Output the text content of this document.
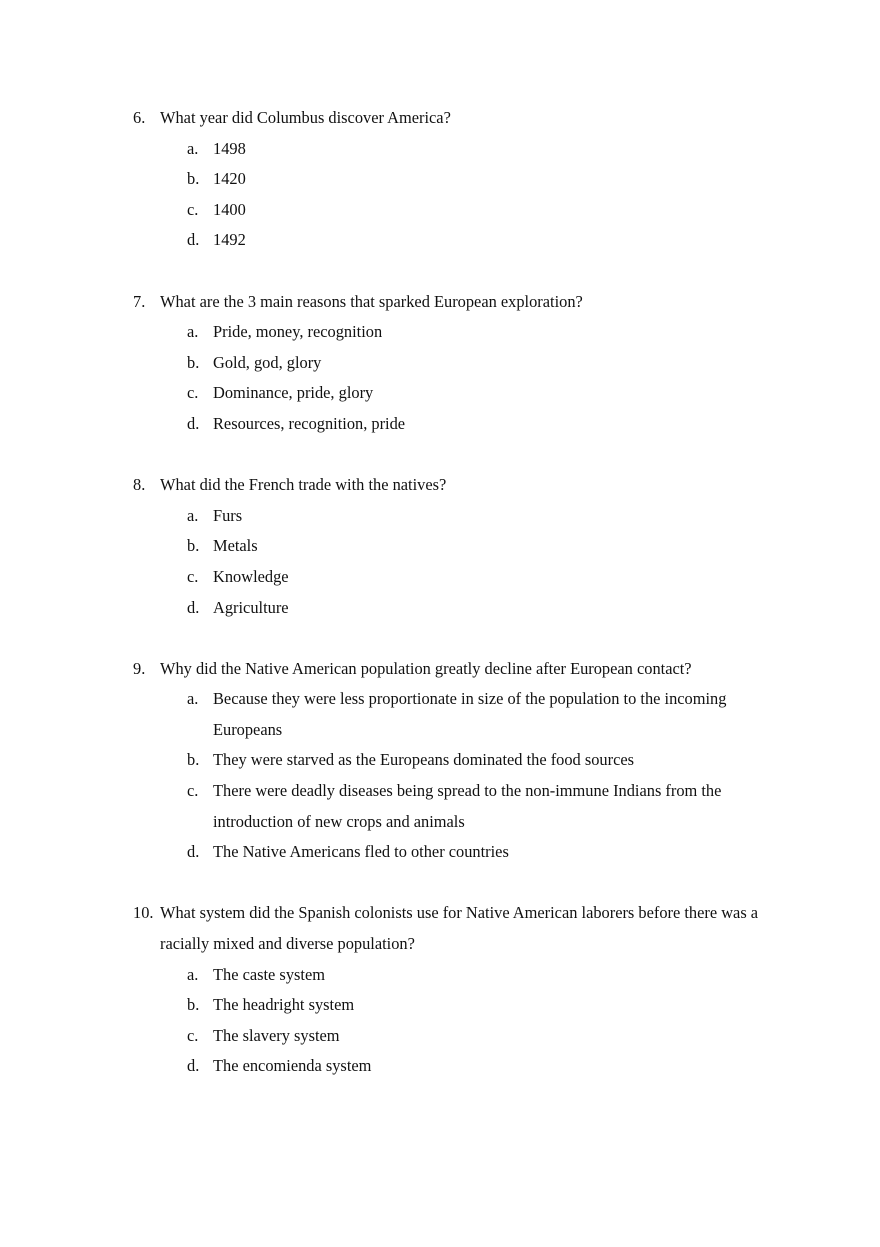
6. What year did Columbus discover America?
a. 1498
b. 1420
c. 1400
d. 1492
7. What are the 3 main reasons that sparked European exploration?
a. Pride, money, recognition
b. Gold, god, glory
c. Dominance, pride, glory
d. Resources, recognition, pride
8. What did the French trade with the natives?
a. Furs
b. Metals
c. Knowledge
d. Agriculture
9. Why did the Native American population greatly decline after European contact?
a. Because they were less proportionate in size of the population to the incoming Europeans
b. They were starved as the Europeans dominated the food sources
c. There were deadly diseases being spread to the non-immune Indians from the introduction of new crops and animals
d. The Native Americans fled to other countries
10. What system did the Spanish colonists use for Native American laborers before there was a racially mixed and diverse population?
a. The caste system
b. The headright system
c. The slavery system
d. The encomienda system
